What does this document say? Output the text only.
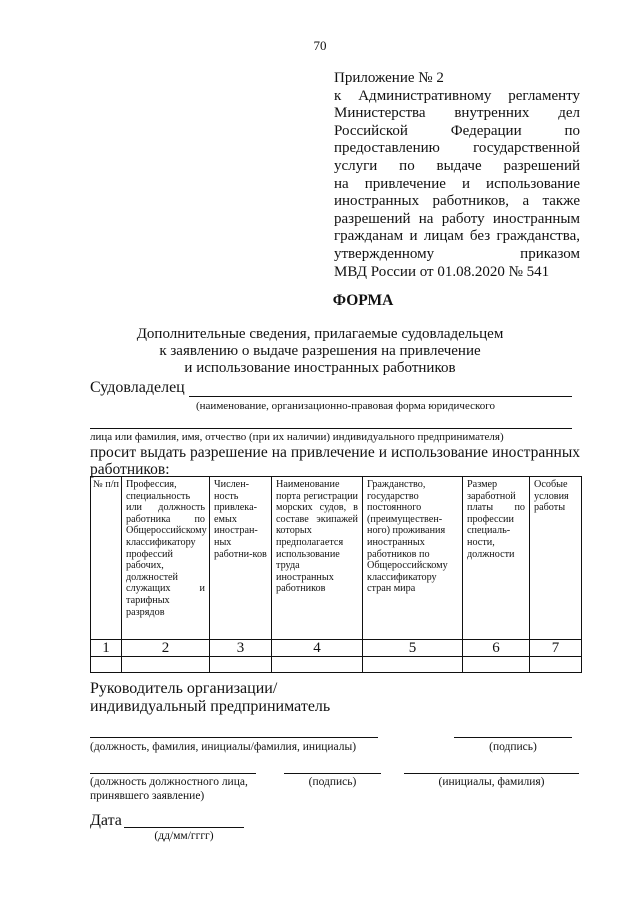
70
Приложение № 2
к Административному регламенту
Министерства внутренних дел
Российской Федерации по
предоставлению государственной
услуги по выдаче разрешений
на привлечение и использование
иностранных работников, а также
разрешений на работу иностранным
гражданам и лицам без гражданства,
утвержденному приказом
МВД России от 01.08.2020 № 541
ФОРМА
Дополнительные сведения, прилагаемые судовладельцем
к заявлению о выдаче разрешения на привлечение
и использование иностранных работников
Судовладелец
(наименование, организационно-правовая форма юридического
лица или фамилия, имя, отчество (при их наличии) индивидуального предпринимателя)
просит выдать разрешение на привлечение и использование иностранных
работников:
№ п/п	Профессия, специальность или должность работника по Общероссийскому классификатору профессий рабочих, должностей служащих и тарифных разрядов	Числен-ность привлека-емых иностран-ных работни-ков	Наименование порта регистрации морских судов, в составе экипажей которых предполагается использование труда иностранных работников	Гражданство, государство постоянного (преимуществен-ного) проживания иностранных работников по Общероссийскому классификатору стран мира	Размер заработной платы по профессии специаль-ности, должности	Особые условия работы
1	2	3	4	5	6	7

Руководитель организации/
индивидуальный предприниматель
(должность, фамилия, инициалы/фамилия, инициалы)	(подпись)
(должность должностного лица,
принявшего заявление)
(подпись)	(инициалы, фамилия)
Дата
(дд/мм/гггг)
